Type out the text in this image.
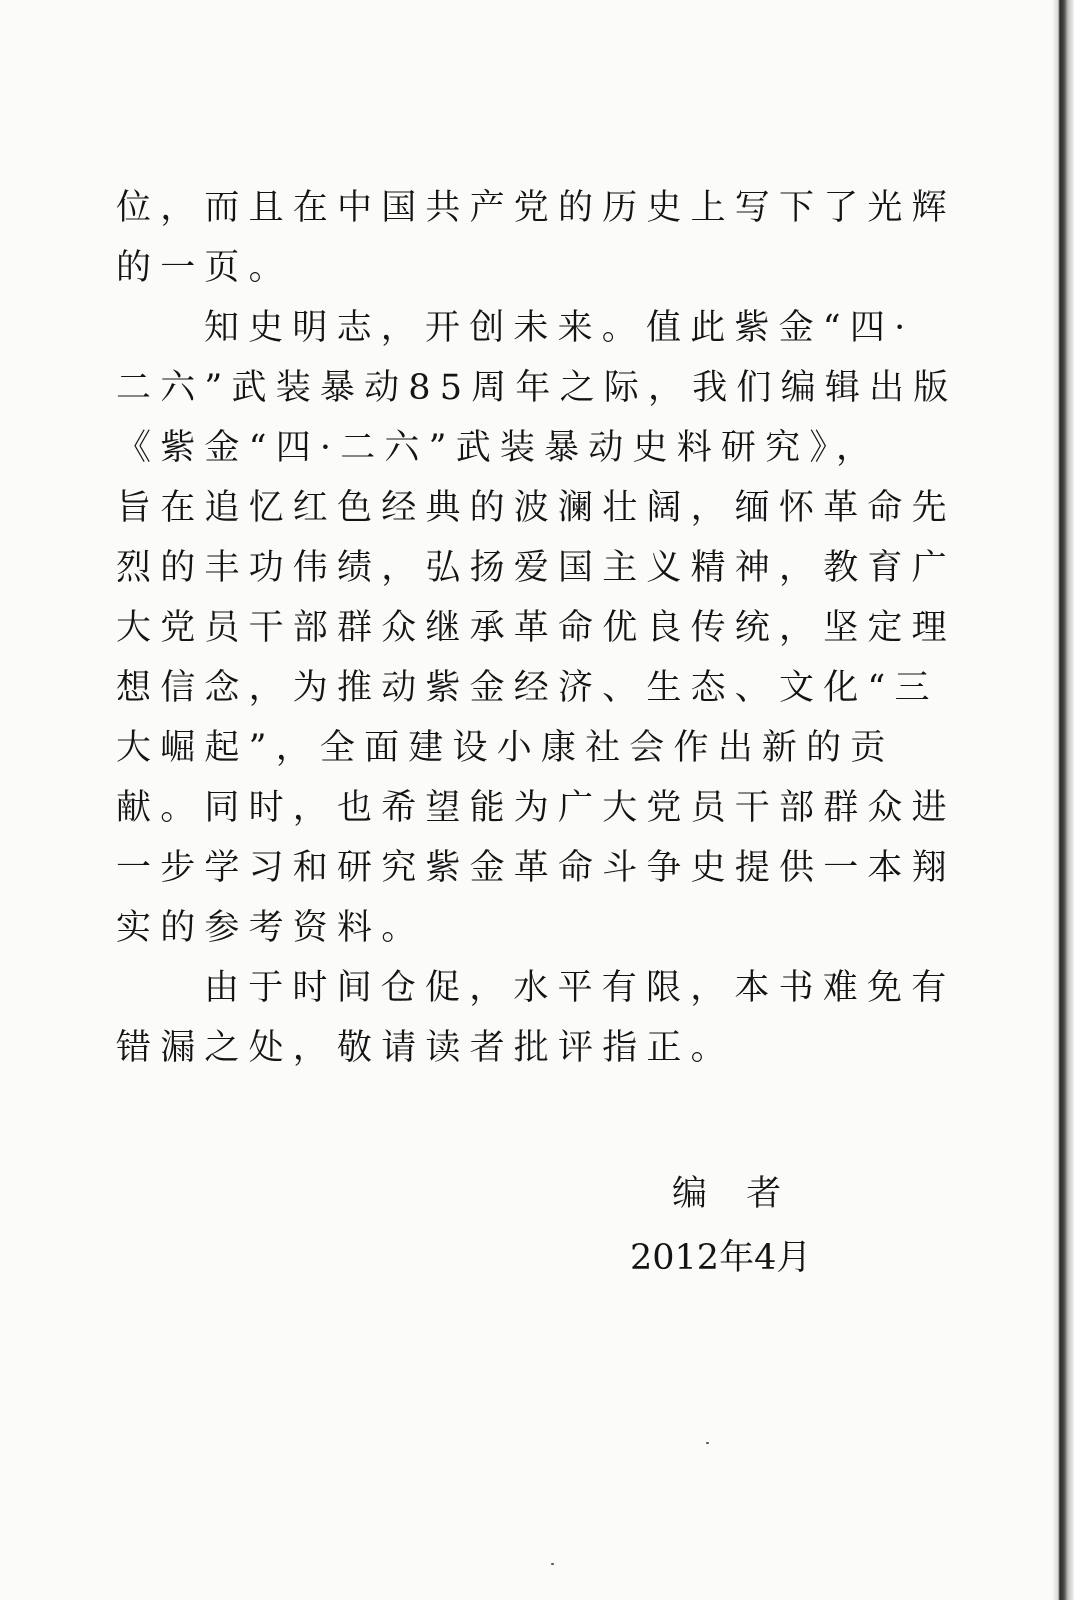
位，而且在中国共产党的历史上写下了光辉
的一页。
知史明志，开创未来。值此紫金“四·
二六”武装暴动85周年之际，我们编辑出版
《紫金“四·二六”武装暴动史料研究》，
旨在追忆红色经典的波澜壮阔，缅怀革命先
烈的丰功伟绩，弘扬爱国主义精神，教育广
大党员干部群众继承革命优良传统，坚定理
想信念，为推动紫金经济、生态、文化“三
大崛起”，全面建设小康社会作出新的贡
献。同时，也希望能为广大党员干部群众进
一步学习和研究紫金革命斗争史提供一本翔
实的参考资料。
由于时间仓促，水平有限，本书难免有
错漏之处，敬请读者批评指正。
编 者
2012年4月
